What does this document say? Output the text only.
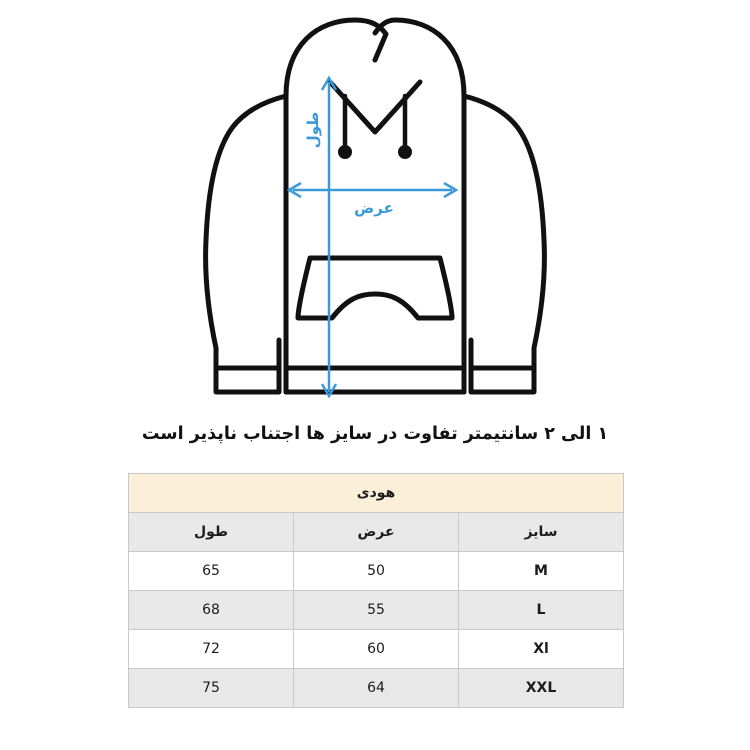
طول
عرض
۱ الی ۲ سانتیمتر تفاوت در سایز ها اجتناب ناپذیر است
هودی		
سایز	عرض	طول
M	50	65
L	55	68
Xl	60	72
XXL	64	75
